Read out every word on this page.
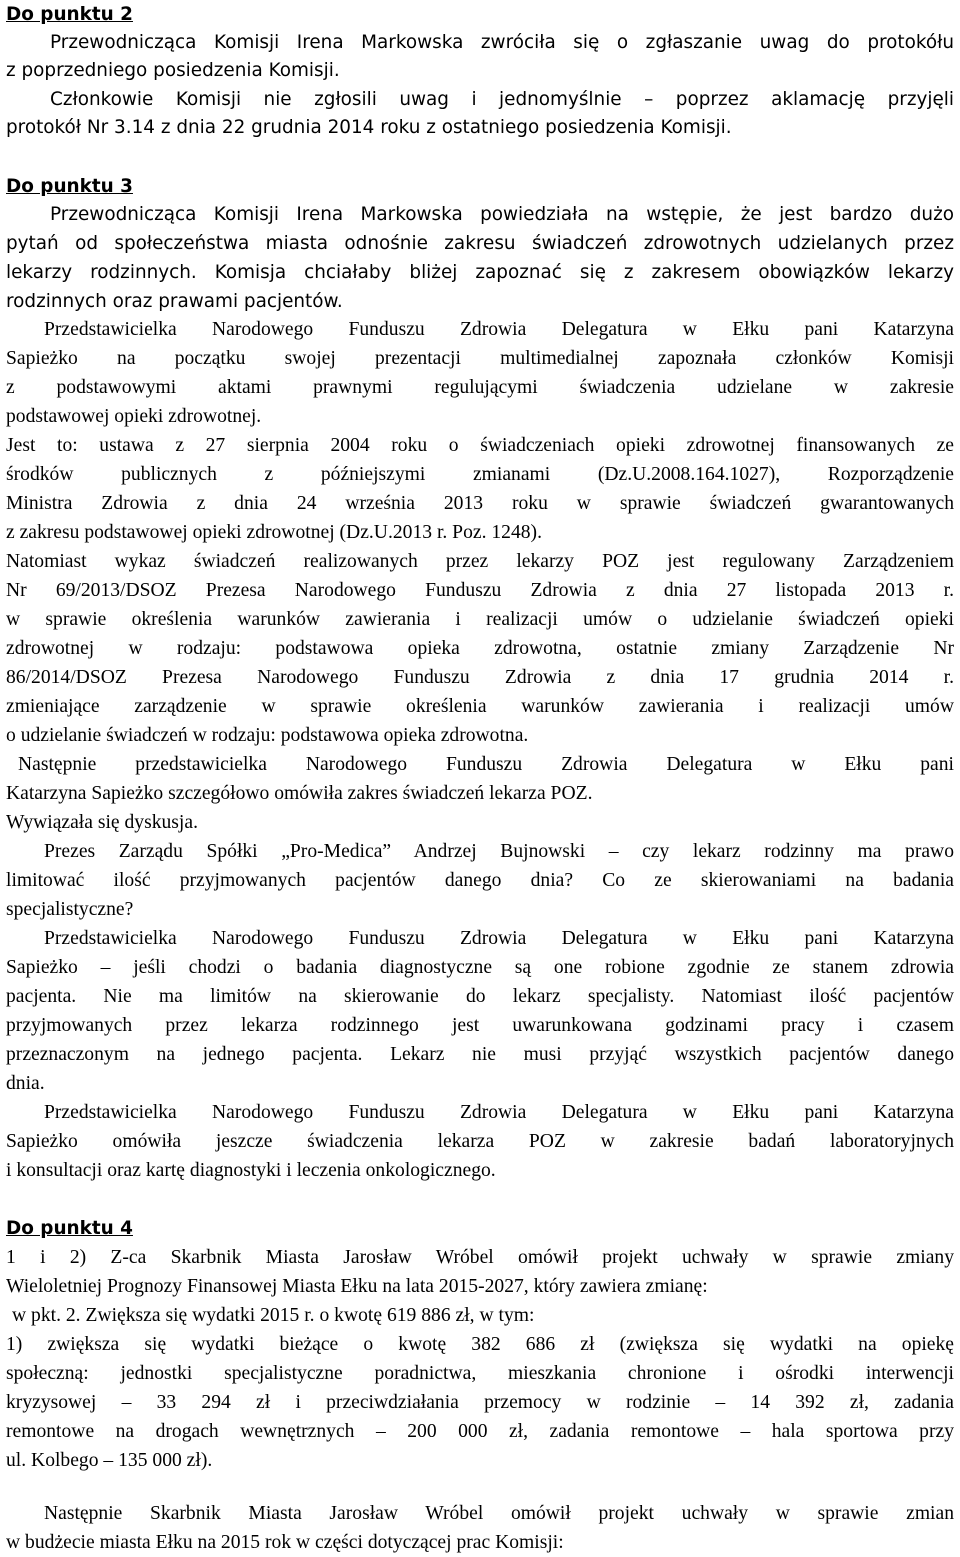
Do punktu 2
Przewodnicząca Komisji Irena Markowska zwróciła się o zgłaszanie uwag do protokółu
z poprzedniego posiedzenia Komisji.
Członkowie Komisji nie zgłosili uwag i jednomyślnie – poprzez aklamację przyjęli
protokół Nr 3.14 z dnia 22 grudnia 2014 roku z ostatniego posiedzenia Komisji.
Do punktu 3
Przewodnicząca Komisji Irena Markowska powiedziała na wstępie, że jest bardzo dużo
pytań od społeczeństwa miasta odnośnie zakresu świadczeń zdrowotnych udzielanych przez
lekarzy rodzinnych. Komisja chciałaby bliżej zapoznać się z zakresem obowiązków lekarzy
rodzinnych oraz prawami pacjentów.
Przedstawicielka Narodowego Funduszu Zdrowia Delegatura w Ełku pani Katarzyna
Sapieżko na początku swojej prezentacji multimedialnej zapoznała członków Komisji
z podstawowymi aktami prawnymi regulującymi świadczenia udzielane w zakresie
podstawowej opieki zdrowotnej.
Jest to: ustawa z 27 sierpnia 2004 roku o świadczeniach opieki zdrowotnej finansowanych ze
środków publicznych z późniejszymi zmianami (Dz.U.2008.164.1027), Rozporządzenie
Ministra Zdrowia z dnia 24 września 2013 roku w sprawie świadczeń gwarantowanych
z zakresu podstawowej opieki zdrowotnej (Dz.U.2013 r. Poz. 1248).
Natomiast wykaz świadczeń realizowanych przez lekarzy POZ jest regulowany Zarządzeniem
Nr 69/2013/DSOZ Prezesa Narodowego Funduszu Zdrowia z dnia 27 listopada 2013 r.
w sprawie określenia warunków zawierania i realizacji umów o udzielanie świadczeń opieki
zdrowotnej w rodzaju: podstawowa opieka zdrowotna, ostatnie zmiany Zarządzenie Nr
86/2014/DSOZ Prezesa Narodowego Funduszu Zdrowia z dnia 17 grudnia 2014 r.
zmieniające zarządzenie w sprawie określenia warunków zawierania i realizacji umów
o udzielanie świadczeń w rodzaju: podstawowa opieka zdrowotna.
Następnie przedstawicielka Narodowego Funduszu Zdrowia Delegatura w Ełku pani
Katarzyna Sapieżko szczegółowo omówiła zakres świadczeń lekarza POZ.
Wywiązała się dyskusja.
Prezes Zarządu Spółki „Pro-Medica” Andrzej Bujnowski – czy lekarz rodzinny ma prawo
limitować ilość przyjmowanych pacjentów danego dnia? Co ze skierowaniami na badania
specjalistyczne?
Przedstawicielka Narodowego Funduszu Zdrowia Delegatura w Ełku pani Katarzyna
Sapieżko – jeśli chodzi o badania diagnostyczne są one robione zgodnie ze stanem zdrowia
pacjenta. Nie ma limitów na skierowanie do lekarz specjalisty. Natomiast ilość pacjentów
przyjmowanych przez lekarza rodzinnego jest uwarunkowana godzinami pracy i czasem
przeznaczonym na jednego pacjenta. Lekarz nie musi przyjąć wszystkich pacjentów danego
dnia.
Przedstawicielka Narodowego Funduszu Zdrowia Delegatura w Ełku pani Katarzyna
Sapieżko omówiła jeszcze świadczenia lekarza POZ w zakresie badań laboratoryjnych
i konsultacji oraz kartę diagnostyki i leczenia onkologicznego.
Do punktu 4
1 i 2) Z-ca Skarbnik Miasta Jarosław Wróbel omówił projekt uchwały w sprawie zmiany
Wieloletniej Prognozy Finansowej Miasta Ełku na lata 2015-2027, który zawiera zmianę:
w pkt. 2. Zwiększa się wydatki 2015 r. o kwotę 619 886 zł, w tym:
1) zwiększa się wydatki bieżące o kwotę 382 686 zł (zwiększa się wydatki na opiekę
społeczną: jednostki specjalistyczne poradnictwa, mieszkania chronione i ośrodki interwencji
kryzysowej – 33 294 zł i przeciwdziałania przemocy w rodzinie – 14 392 zł, zadania
remontowe na drogach wewnętrznych – 200 000 zł, zadania remontowe – hala sportowa przy
ul. Kolbego – 135 000 zł).
Następnie Skarbnik Miasta Jarosław Wróbel omówił projekt uchwały w sprawie zmian
w budżecie miasta Ełku na 2015 rok w części dotyczącej prac Komisji:
